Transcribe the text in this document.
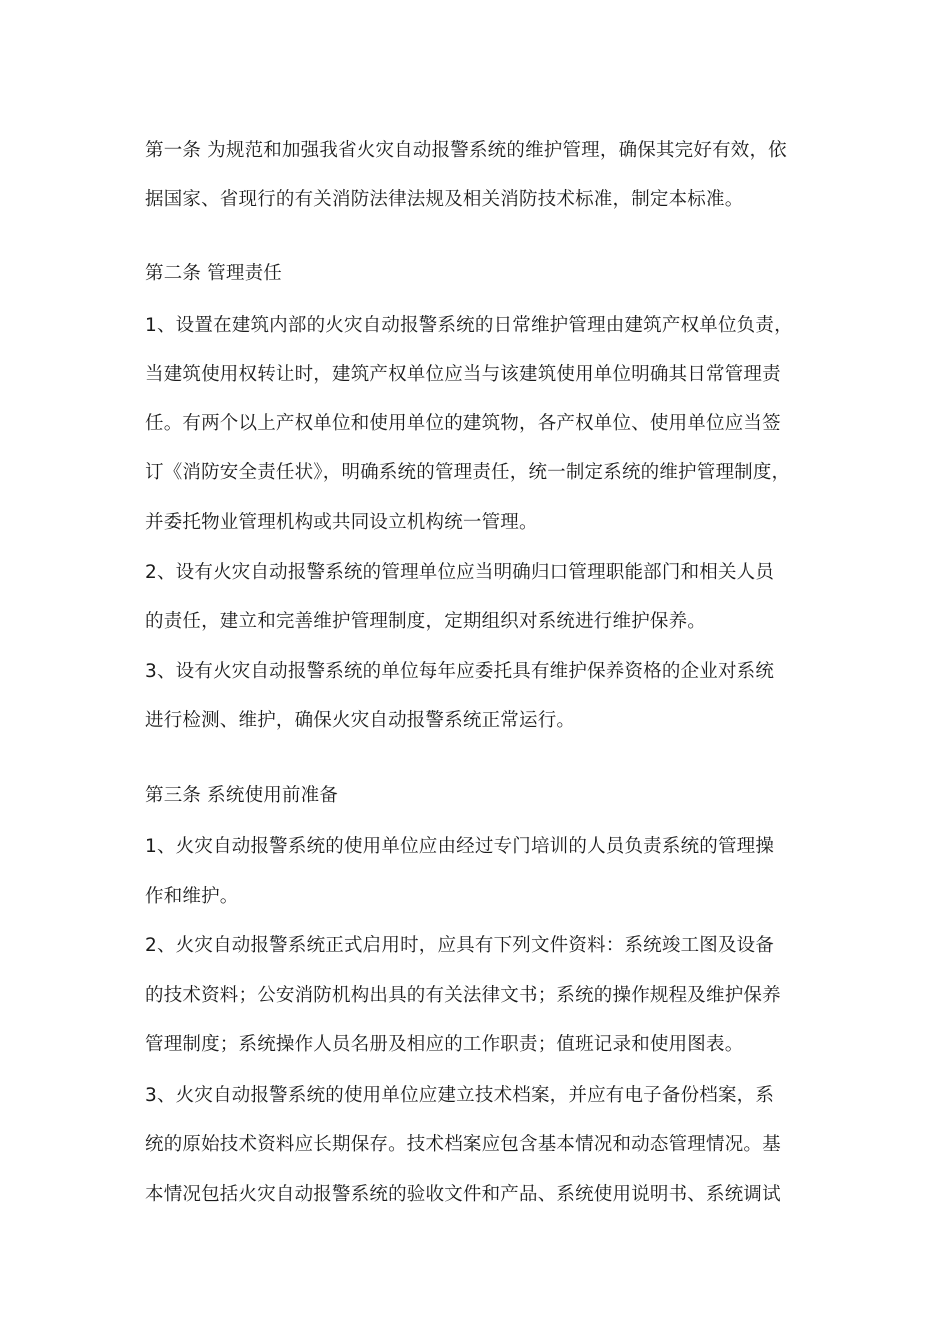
第一条 为规范和加强我省火灾自动报警系统的维护管理，确保其完好有效，依
据国家、省现行的有关消防法律法规及相关消防技术标准，制定本标准。
第二条 管理责任
1、设置在建筑内部的火灾自动报警系统的日常维护管理由建筑产权单位负责，
当建筑使用权转让时，建筑产权单位应当与该建筑使用单位明确其日常管理责
任。有两个以上产权单位和使用单位的建筑物，各产权单位、使用单位应当签
订《消防安全责任状》，明确系统的管理责任，统一制定系统的维护管理制度，
并委托物业管理机构或共同设立机构统一管理。
2、设有火灾自动报警系统的管理单位应当明确归口管理职能部门和相关人员
的责任，建立和完善维护管理制度，定期组织对系统进行维护保养。
3、设有火灾自动报警系统的单位每年应委托具有维护保养资格的企业对系统
进行检测、维护，确保火灾自动报警系统正常运行。
第三条 系统使用前准备
1、火灾自动报警系统的使用单位应由经过专门培训的人员负责系统的管理操
作和维护。
2、火灾自动报警系统正式启用时，应具有下列文件资料：系统竣工图及设备
的技术资料；公安消防机构出具的有关法律文书；系统的操作规程及维护保养
管理制度；系统操作人员名册及相应的工作职责；值班记录和使用图表。
3、火灾自动报警系统的使用单位应建立技术档案，并应有电子备份档案，系
统的原始技术资料应长期保存。技术档案应包含基本情况和动态管理情况。基
本情况包括火灾自动报警系统的验收文件和产品、系统使用说明书、系统调试
